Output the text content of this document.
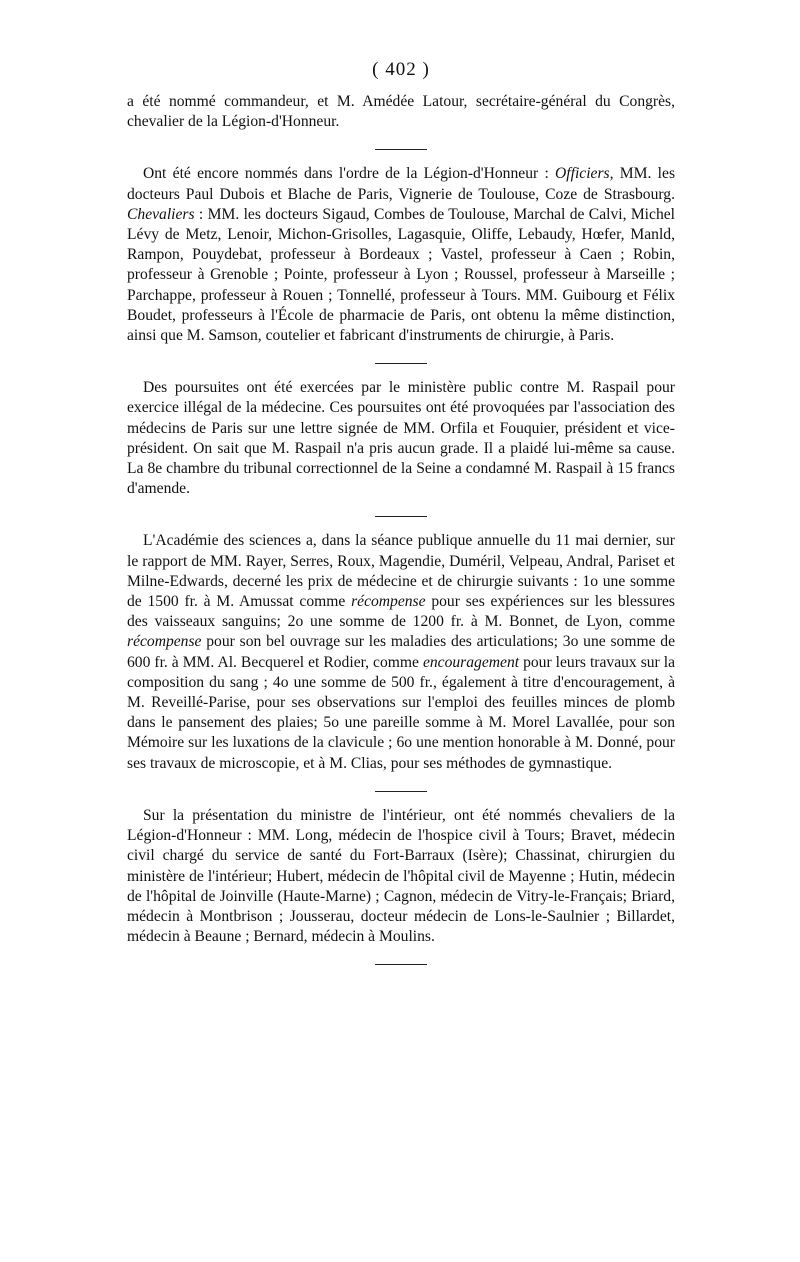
( 402 )

a été nommé commandeur, et M. Amédée Latour, secrétaire-général du Congrès, chevalier de la Légion-d'Honneur.

Ont été encore nommés dans l'ordre de la Légion-d'Honneur : Officiers, MM. les docteurs Paul Dubois et Blache de Paris, Vignerie de Toulouse, Coze de Strasbourg. Chevaliers : MM. les docteurs Sigaud, Combes de Toulouse, Marchal de Calvi, Michel Lévy de Metz, Lenoir, Michon-Grisolles, Lagasquie, Oliffe, Lebaudy, Hœfer, Manld, Rampon, Pouydebat, professeur à Bordeaux ; Vastel, professeur à Caen ; Robin, professeur à Grenoble ; Pointe, professeur à Lyon ; Roussel, professeur à Marseille ; Parchappe, professeur à Rouen ; Tonnellé, professeur à Tours. MM. Guibourg et Félix Boudet, professeurs à l'École de pharmacie de Paris, ont obtenu la même distinction, ainsi que M. Samson, coutelier et fabricant d'instruments de chirurgie, à Paris.

Des poursuites ont été exercées par le ministère public contre M. Raspail pour exercice illégal de la médecine. Ces poursuites ont été provoquées par l'association des médecins de Paris sur une lettre signée de MM. Orfila et Fouquier, président et vice-président. On sait que M. Raspail n'a pris aucun grade. Il a plaidé lui-même sa cause. La 8e chambre du tribunal correctionnel de la Seine a condamné M. Raspail à 15 francs d'amende.

L'Académie des sciences a, dans la séance publique annuelle du 11 mai dernier, sur le rapport de MM. Rayer, Serres, Roux, Magendie, Duméril, Velpeau, Andral, Pariset et Milne-Edwards, decerné les prix de médecine et de chirurgie suivants : 1o une somme de 1500 fr. à M. Amussat comme récompense pour ses expériences sur les blessures des vaisseaux sanguins; 2o une somme de 1200 fr. à M. Bonnet, de Lyon, comme récompense pour son bel ouvrage sur les maladies des articulations; 3o une somme de 600 fr. à MM. Al. Becquerel et Rodier, comme encouragement pour leurs travaux sur la composition du sang ; 4o une somme de 500 fr., également à titre d'encouragement, à M. Reveillé-Parise, pour ses observations sur l'emploi des feuilles minces de plomb dans le pansement des plaies; 5o une pareille somme à M. Morel Lavallée, pour son Mémoire sur les luxations de la clavicule ; 6o une mention honorable à M. Donné, pour ses travaux de microscopie, et à M. Clias, pour ses méthodes de gymnastique.

Sur la présentation du ministre de l'intérieur, ont été nommés chevaliers de la Légion-d'Honneur : MM. Long, médecin de l'hospice civil à Tours; Bravet, médecin civil chargé du service de santé du Fort-Barraux (Isère); Chassinat, chirurgien du ministère de l'intérieur; Hubert, médecin de l'hôpital civil de Mayenne ; Hutin, médecin de l'hôpital de Joinville (Haute-Marne) ; Cagnon, médecin de Vitry-le-Français; Briard, médecin à Montbrison ; Jousserau, docteur médecin de Lons-le-Saulnier ; Billardet, médecin à Beaune ; Bernard, médecin à Moulins.
